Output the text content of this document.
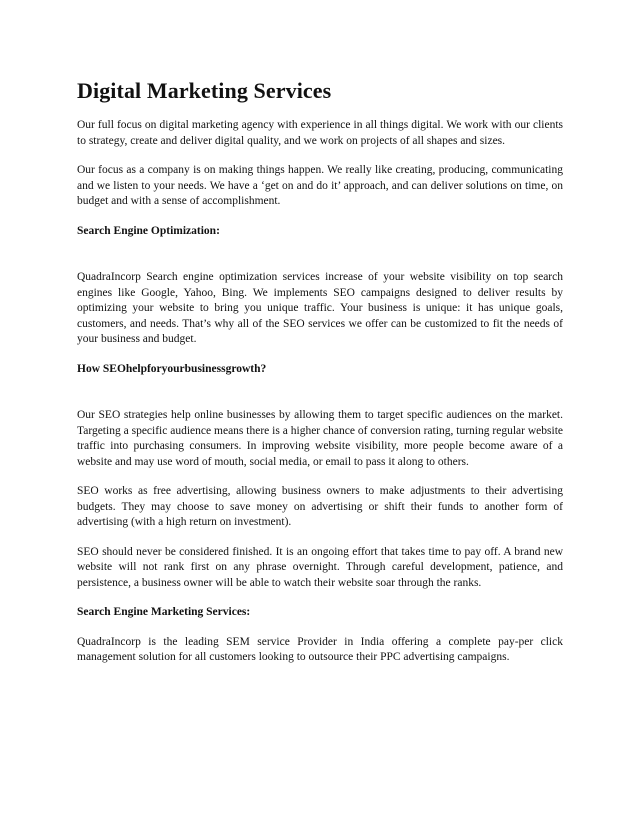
Digital Marketing Services

Our full focus on digital marketing agency with experience in all things digital. We work with our clients to strategy, create and deliver digital quality, and we work on projects of all shapes and sizes.

Our focus as a company is on making things happen. We really like creating, producing, communicating and we listen to your needs. We have a ‘get on and do it’ approach, and can deliver solutions on time, on budget and with a sense of accomplishment.

Search Engine Optimization:

QuadraIncorp Search engine optimization services increase of your website visibility on top search engines like Google, Yahoo, Bing. We implements SEO campaigns designed to deliver results by optimizing your website to bring you unique traffic. Your business is unique: it has unique goals, customers, and needs. That’s why all of the SEO services we offer can be customized to fit the needs of your business and budget.

How SEOhelpforyourbusinessgrowth?

Our SEO strategies help online businesses by allowing them to target specific audiences on the market. Targeting a specific audience means there is a higher chance of conversion rating, turning regular website traffic into purchasing consumers. In improving website visibility, more people become aware of a website and may use word of mouth, social media, or email to pass it along to others.

SEO works as free advertising, allowing business owners to make adjustments to their advertising budgets. They may choose to save money on advertising or shift their funds to another form of advertising (with a high return on investment).

SEO should never be considered finished. It is an ongoing effort that takes time to pay off. A brand new website will not rank first on any phrase overnight. Through careful development, patience, and persistence, a business owner will be able to watch their website soar through the ranks.

Search Engine Marketing Services:

QuadraIncorp is the leading SEM service Provider in India offering a complete pay-per click management solution for all customers looking to outsource their PPC advertising campaigns.
